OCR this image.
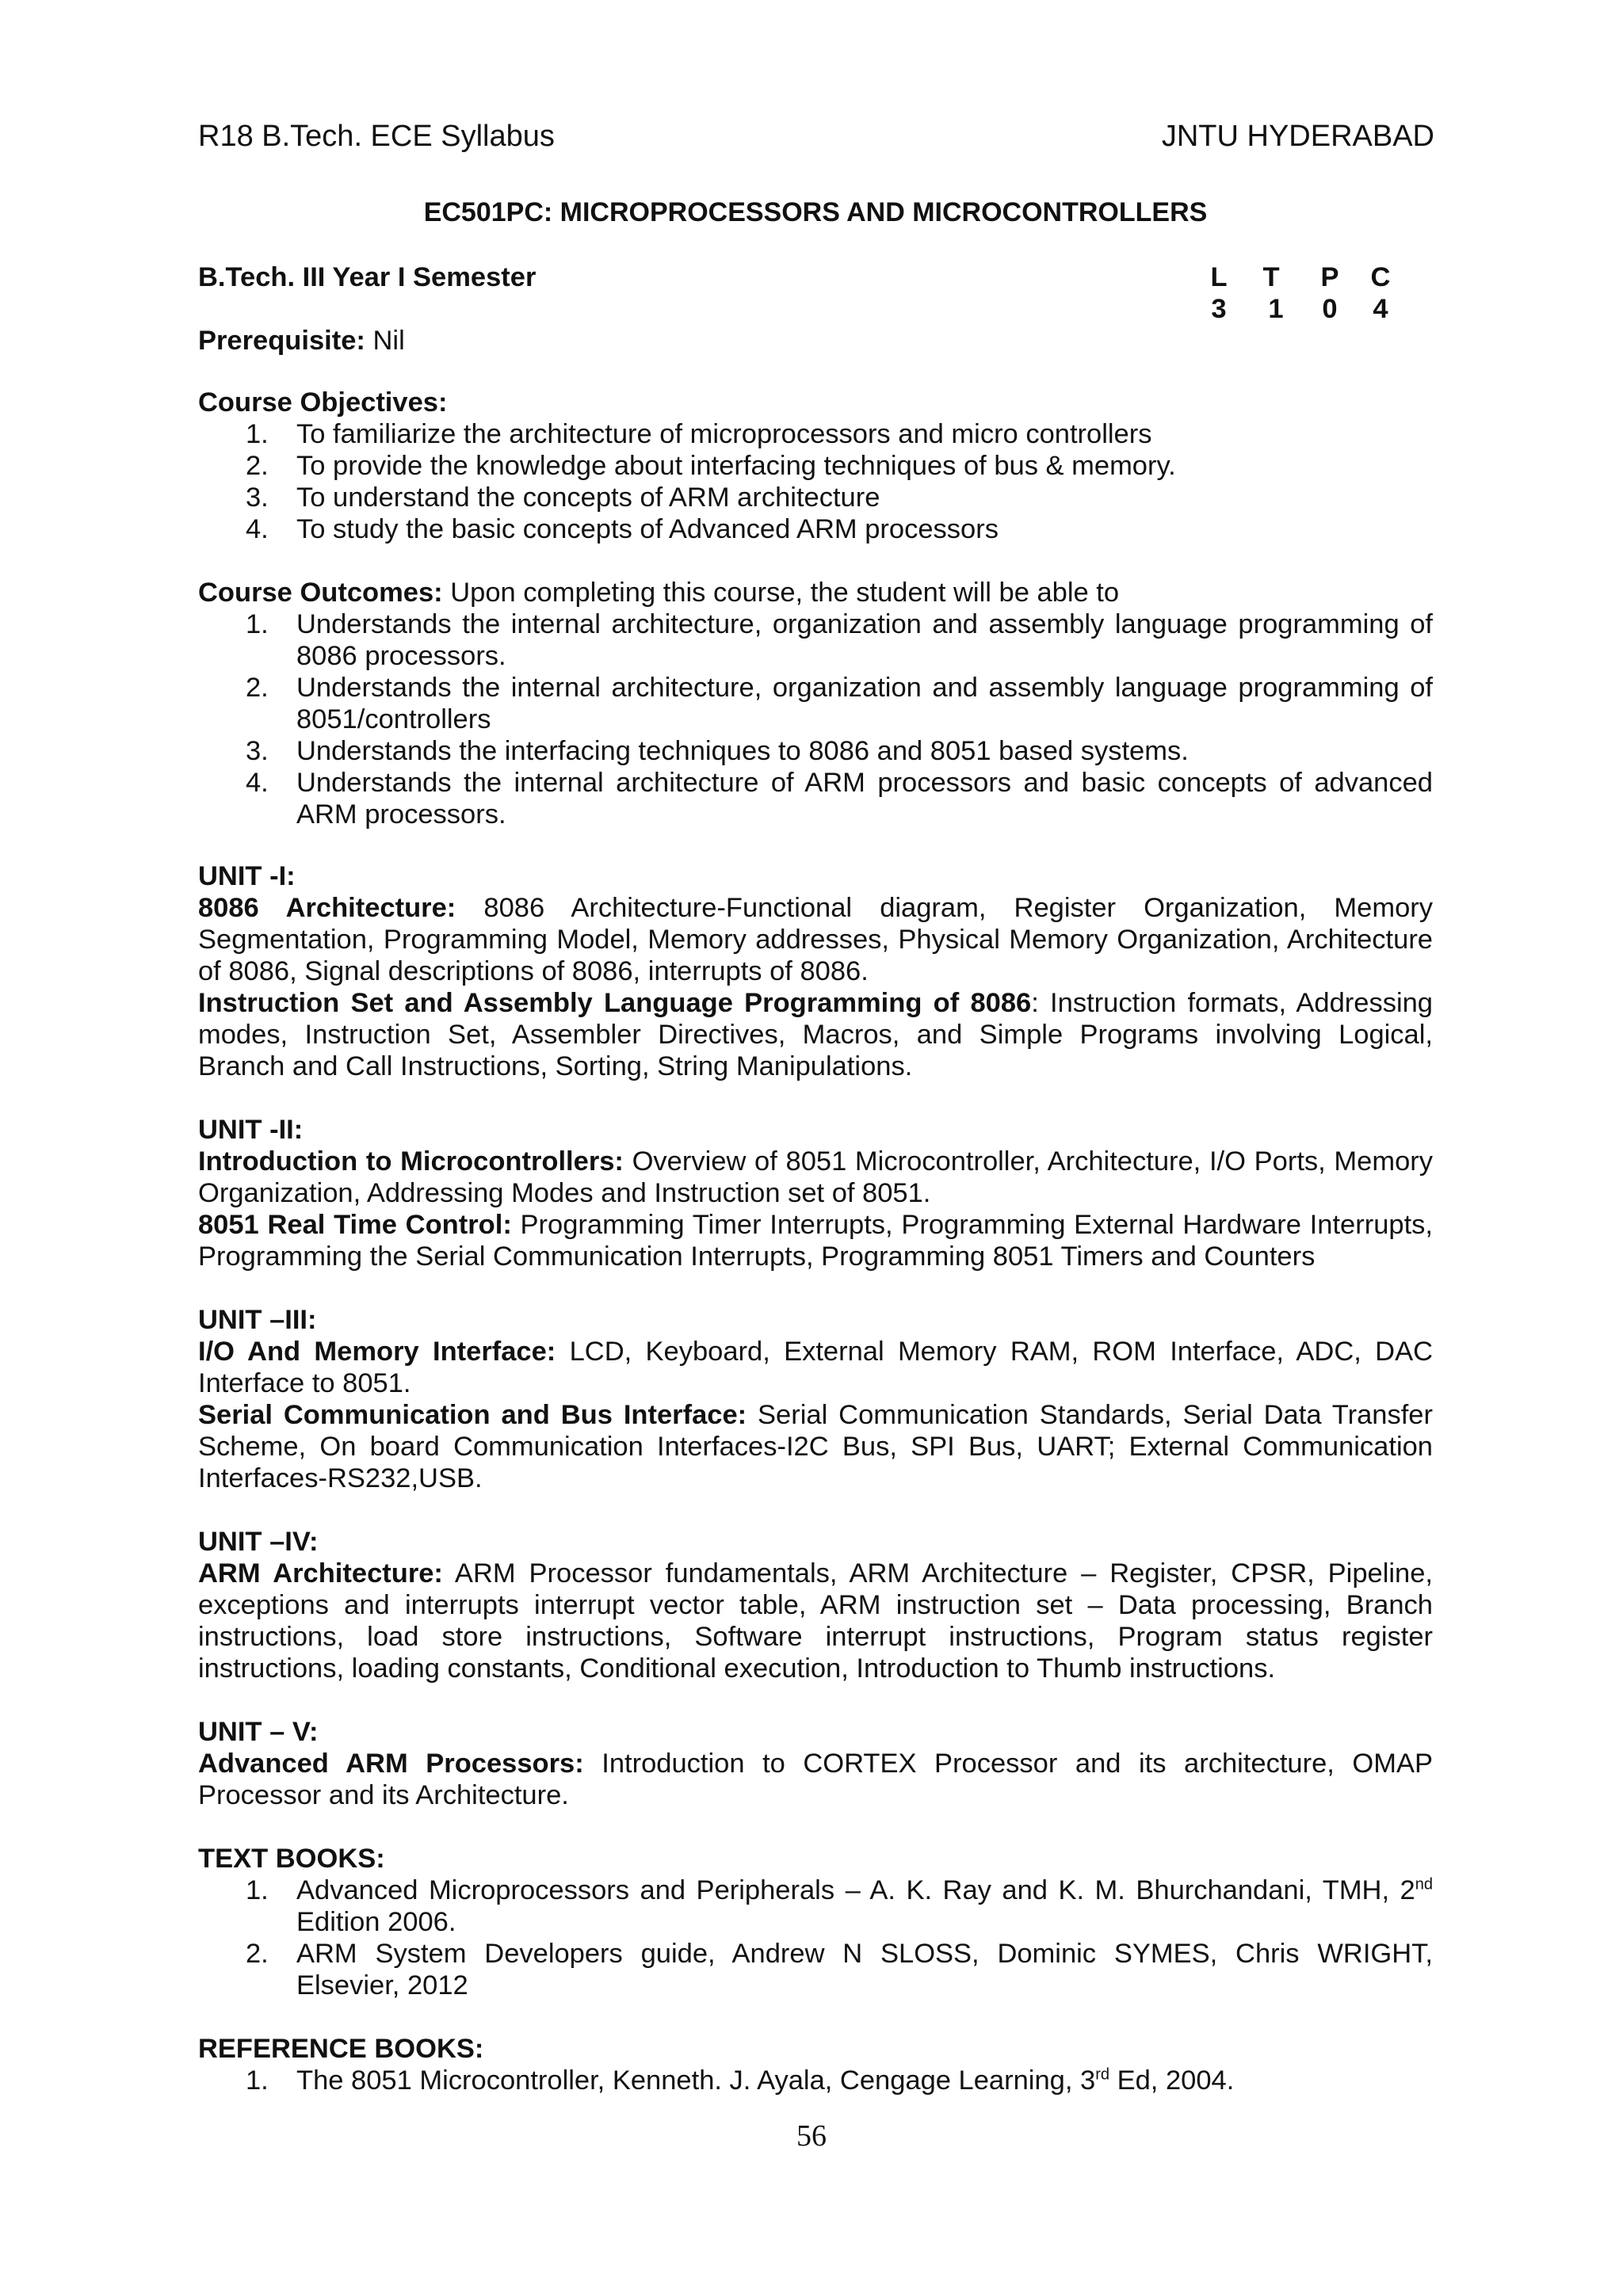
R18 B.Tech. ECE Syllabus	JNTU HYDERABAD
EC501PC: MICROPROCESSORS AND MICROCONTROLLERS
B.Tech. III Year I Semester	L T P C
3	1	0	4
Prerequisite: Nil
Course Objectives:
1. To familiarize the architecture of microprocessors and micro controllers
2. To provide the knowledge about interfacing techniques of bus & memory.
3. To understand the concepts of ARM architecture
4. To study the basic concepts of Advanced ARM processors
Course Outcomes: Upon completing this course, the student will be able to
1. Understands the internal architecture, organization and assembly language programming of 8086 processors.
2. Understands the internal architecture, organization and assembly language programming of 8051/controllers
3. Understands the interfacing techniques to 8086 and 8051 based systems.
4. Understands the internal architecture of ARM processors and basic concepts of advanced ARM processors.
UNIT -I:
8086 Architecture: 8086 Architecture-Functional diagram, Register Organization, Memory Segmentation, Programming Model, Memory addresses, Physical Memory Organization, Architecture of 8086, Signal descriptions of 8086, interrupts of 8086.
Instruction Set and Assembly Language Programming of 8086: Instruction formats, Addressing modes, Instruction Set, Assembler Directives, Macros, and Simple Programs involving Logical, Branch and Call Instructions, Sorting, String Manipulations.
UNIT -II:
Introduction to Microcontrollers: Overview of 8051 Microcontroller, Architecture, I/O Ports, Memory Organization, Addressing Modes and Instruction set of 8051.
8051 Real Time Control: Programming Timer Interrupts, Programming External Hardware Interrupts, Programming the Serial Communication Interrupts, Programming 8051 Timers and Counters
UNIT –III:
I/O And Memory Interface: LCD, Keyboard, External Memory RAM, ROM Interface, ADC, DAC Interface to 8051.
Serial Communication and Bus Interface: Serial Communication Standards, Serial Data Transfer Scheme, On board Communication Interfaces-I2C Bus, SPI Bus, UART; External Communication Interfaces-RS232,USB.
UNIT –IV:
ARM Architecture: ARM Processor fundamentals, ARM Architecture – Register, CPSR, Pipeline, exceptions and interrupts interrupt vector table, ARM instruction set – Data processing, Branch instructions, load store instructions, Software interrupt instructions, Program status register instructions, loading constants, Conditional execution, Introduction to Thumb instructions.
UNIT – V:
Advanced ARM Processors: Introduction to CORTEX Processor and its architecture, OMAP Processor and its Architecture.
TEXT BOOKS:
1. Advanced Microprocessors and Peripherals – A. K. Ray and K. M. Bhurchandani, TMH, 2nd Edition 2006.
2. ARM System Developers guide, Andrew N SLOSS, Dominic SYMES, Chris WRIGHT, Elsevier, 2012
REFERENCE BOOKS:
1. The 8051 Microcontroller, Kenneth. J. Ayala, Cengage Learning, 3rd Ed, 2004.
56
